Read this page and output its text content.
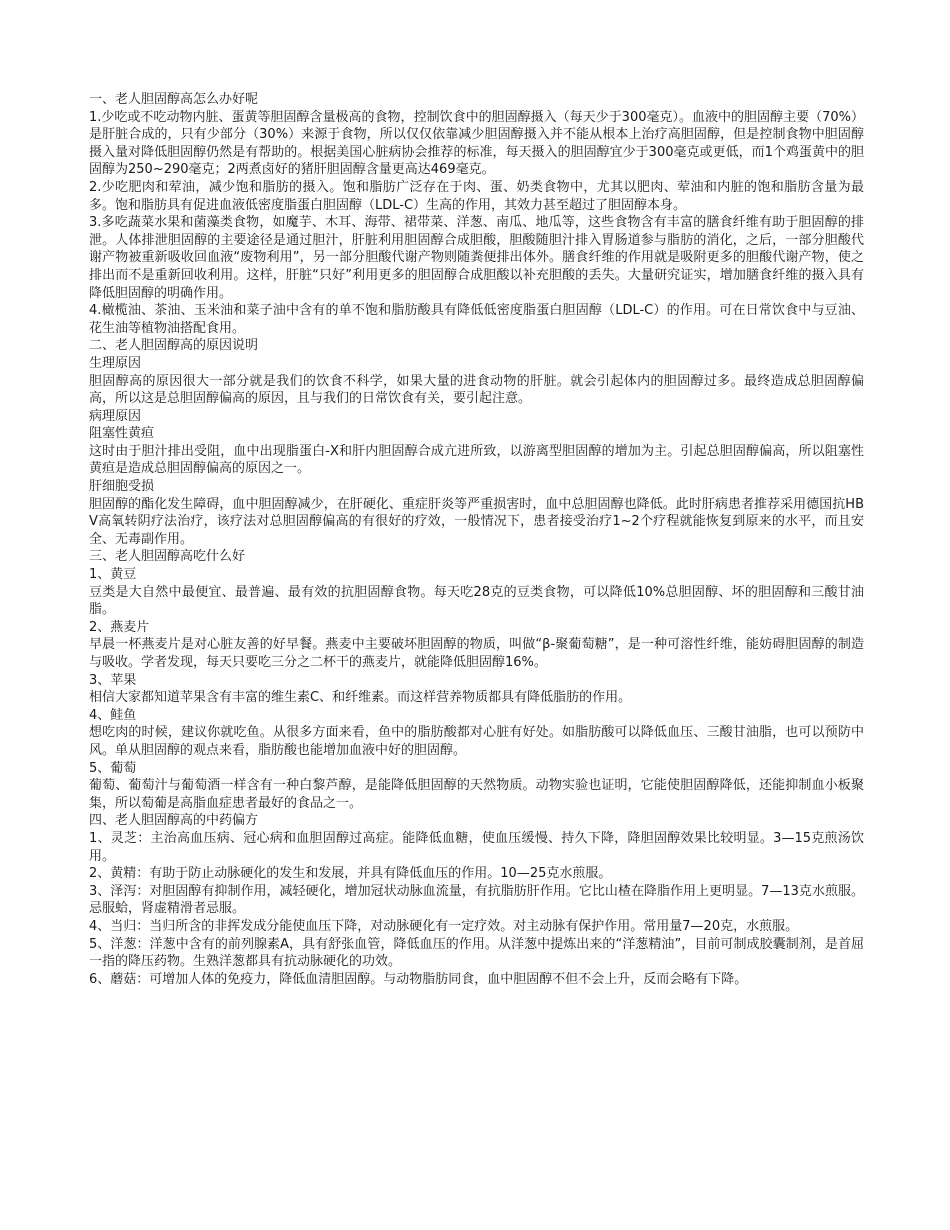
一、老人胆固醇高怎么办好呢

1.少吃或不吃动物内脏、蛋黄等胆固醇含量极高的食物，控制饮食中的胆固醇摄入（每天少于300毫克）。血液中的胆固醇主要（70%）是肝脏合成的，只有少部分（30%）来源于食物，所以仅仅依靠减少胆固醇摄入并不能从根本上治疗高胆固醇，但是控制食物中胆固醇摄入量对降低胆固醇仍然是有帮助的。根据美国心脏病协会推荐的标准，每天摄入的胆固醇宜少于300毫克或更低，而1个鸡蛋黄中的胆固醇为250~290毫克；2两煮卤好的猪肝胆固醇含量更高达469毫克。

2.少吃肥肉和荤油，减少饱和脂肪的摄入。饱和脂肪广泛存在于肉、蛋、奶类食物中，尤其以肥肉、荤油和内脏的饱和脂肪含量为最多。饱和脂肪具有促进血液低密度脂蛋白胆固醇（LDL-C）生高的作用，其效力甚至超过了胆固醇本身。

3.多吃蔬菜水果和菌藻类食物，如魔芋、木耳、海带、裙带菜、洋葱、南瓜、地瓜等，这些食物含有丰富的膳食纤维有助于胆固醇的排泄。人体排泄胆固醇的主要途径是通过胆汁，肝脏利用胆固醇合成胆酸，胆酸随胆汁排入胃肠道参与脂肪的消化，之后，一部分胆酸代谢产物被重新吸收回血液“废物利用”，另一部分胆酸代谢产物则随粪便排出体外。膳食纤维的作用就是吸附更多的胆酸代谢产物，使之排出而不是重新回收利用。这样，肝脏“只好”利用更多的胆固醇合成胆酸以补充胆酸的丢失。大量研究证实，增加膳食纤维的摄入具有降低胆固醇的明确作用。

4.橄榄油、茶油、玉米油和菜子油中含有的单不饱和脂肪酸具有降低低密度脂蛋白胆固醇（LDL-C）的作用。可在日常饮食中与豆油、花生油等植物油搭配食用。

二、老人胆固醇高的原因说明

生理原因

胆固醇高的原因很大一部分就是我们的饮食不科学，如果大量的进食动物的肝脏。就会引起体内的胆固醇过多。最终造成总胆固醇偏高，所以这是总胆固醇偏高的原因，且与我们的日常饮食有关，要引起注意。

病理原因

阻塞性黄疸

这时由于胆汁排出受阻，血中出现脂蛋白-X和肝内胆固醇合成亢进所致，以游离型胆固醇的增加为主。引起总胆固醇偏高，所以阻塞性黄疸是造成总胆固醇偏高的原因之一。

肝细胞受损

胆固醇的酯化发生障碍，血中胆固醇减少，在肝硬化、重症肝炎等严重损害时，血中总胆固醇也降低。此时肝病患者推荐采用德国抗HBV高氧转阴疗法治疗，该疗法对总胆固醇偏高的有很好的疗效，一般情况下，患者接受治疗1~2个疗程就能恢复到原来的水平，而且安全、无毒副作用。

三、老人胆固醇高吃什么好

1、黄豆

豆类是大自然中最便宜、最普遍、最有效的抗胆固醇食物。每天吃28克的豆类食物，可以降低10%总胆固醇、坏的胆固醇和三酸甘油脂。

2、燕麦片

早晨一杯燕麦片是对心脏友善的好早餐。燕麦中主要破坏胆固醇的物质，叫做“β-聚葡萄糖”，是一种可溶性纤维，能妨碍胆固醇的制造与吸收。学者发现，每天只要吃三分之二杯干的燕麦片，就能降低胆固醇16%。

3、苹果

相信大家都知道苹果含有丰富的维生素C、和纤维素。而这样营养物质都具有降低脂肪的作用。

4、鲑鱼

想吃肉的时候，建议你就吃鱼。从很多方面来看，鱼中的脂肪酸都对心脏有好处。如脂肪酸可以降低血压、三酸甘油脂，也可以预防中风。单从胆固醇的观点来看，脂肪酸也能增加血液中好的胆固醇。

5、葡萄

葡萄、葡萄汁与葡萄酒一样含有一种白黎芦醇，是能降低胆固醇的天然物质。动物实验也证明，它能使胆固醇降低，还能抑制血小板聚集，所以萄葡是高脂血症患者最好的食品之一。

四、老人胆固醇高的中药偏方

1、灵芝：主治高血压病、冠心病和血胆固醇过高症。能降低血糖，使血压缓慢、持久下降，降胆固醇效果比较明显。3—15克煎汤饮用。

2、黄精：有助于防止动脉硬化的发生和发展，并具有降低血压的作用。10—25克水煎服。

3、泽泻：对胆固醇有抑制作用，减轻硬化，增加冠状动脉血流量，有抗脂肪肝作用。它比山楂在降脂作用上更明显。7—13克水煎服。忌服蛤，肾虚精滑者忌服。

4、当归：当归所含的非挥发成分能使血压下降，对动脉硬化有一定疗效。对主动脉有保护作用。常用量7—20克，水煎服。

5、洋葱：洋葱中含有的前列腺素A，具有舒张血管，降低血压的作用。从洋葱中提炼出来的“洋葱精油”，目前可制成胶囊制剂，是首屈一指的降压药物。生熟洋葱都具有抗动脉硬化的功效。

6、蘑菇：可增加人体的免疫力，降低血清胆固醇。与动物脂肪同食，血中胆固醇不但不会上升，反而会略有下降。
